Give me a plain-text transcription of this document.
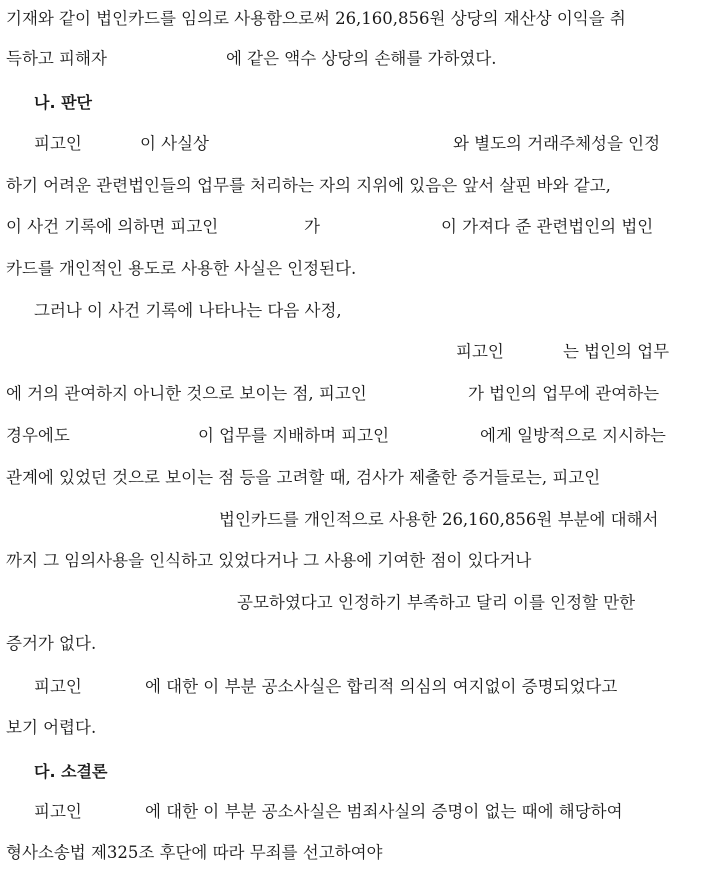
기재와 같이 법인카드를 임의로 사용함으로써 26,160,856원 상당의 재산상 이익을 취
득하고 피해자	에 같은 액수 상당의 손해를 가하였다.
나. 판단
피고인	이 사실상	와 별도의 거래주체성을 인정
하기 어려운 관련법인들의 업무를 처리하는 자의 지위에 있음은 앞서 살핀 바와 같고,
이 사건 기록에 의하면 피고인	가	이 가져다 준 관련법인의 법인
카드를 개인적인 용도로 사용한 사실은 인정된다.
그러나 이 사건 기록에 나타나는 다음 사정,
피고인	는 법인의 업무
에 거의 관여하지 아니한 것으로 보이는 점, 피고인	가 법인의 업무에 관여하는
경우에도	이 업무를 지배하며 피고인	에게 일방적으로 지시하는
관계에 있었던 것으로 보이는 점 등을 고려할 때, 검사가 제출한 증거들로는, 피고인
법인카드를 개인적으로 사용한 26,160,856원 부분에 대해서
까지 그 임의사용을 인식하고 있었다거나 그 사용에 기여한 점이 있다거나
공모하였다고 인정하기 부족하고 달리 이를 인정할 만한
증거가 없다.
피고인	에 대한 이 부분 공소사실은 합리적 의심의 여지없이 증명되었다고
보기 어렵다.
다. 소결론
피고인	에 대한 이 부분 공소사실은 범죄사실의 증명이 없는 때에 해당하여
형사소송법 제325조 후단에 따라 무죄를 선고하여야
